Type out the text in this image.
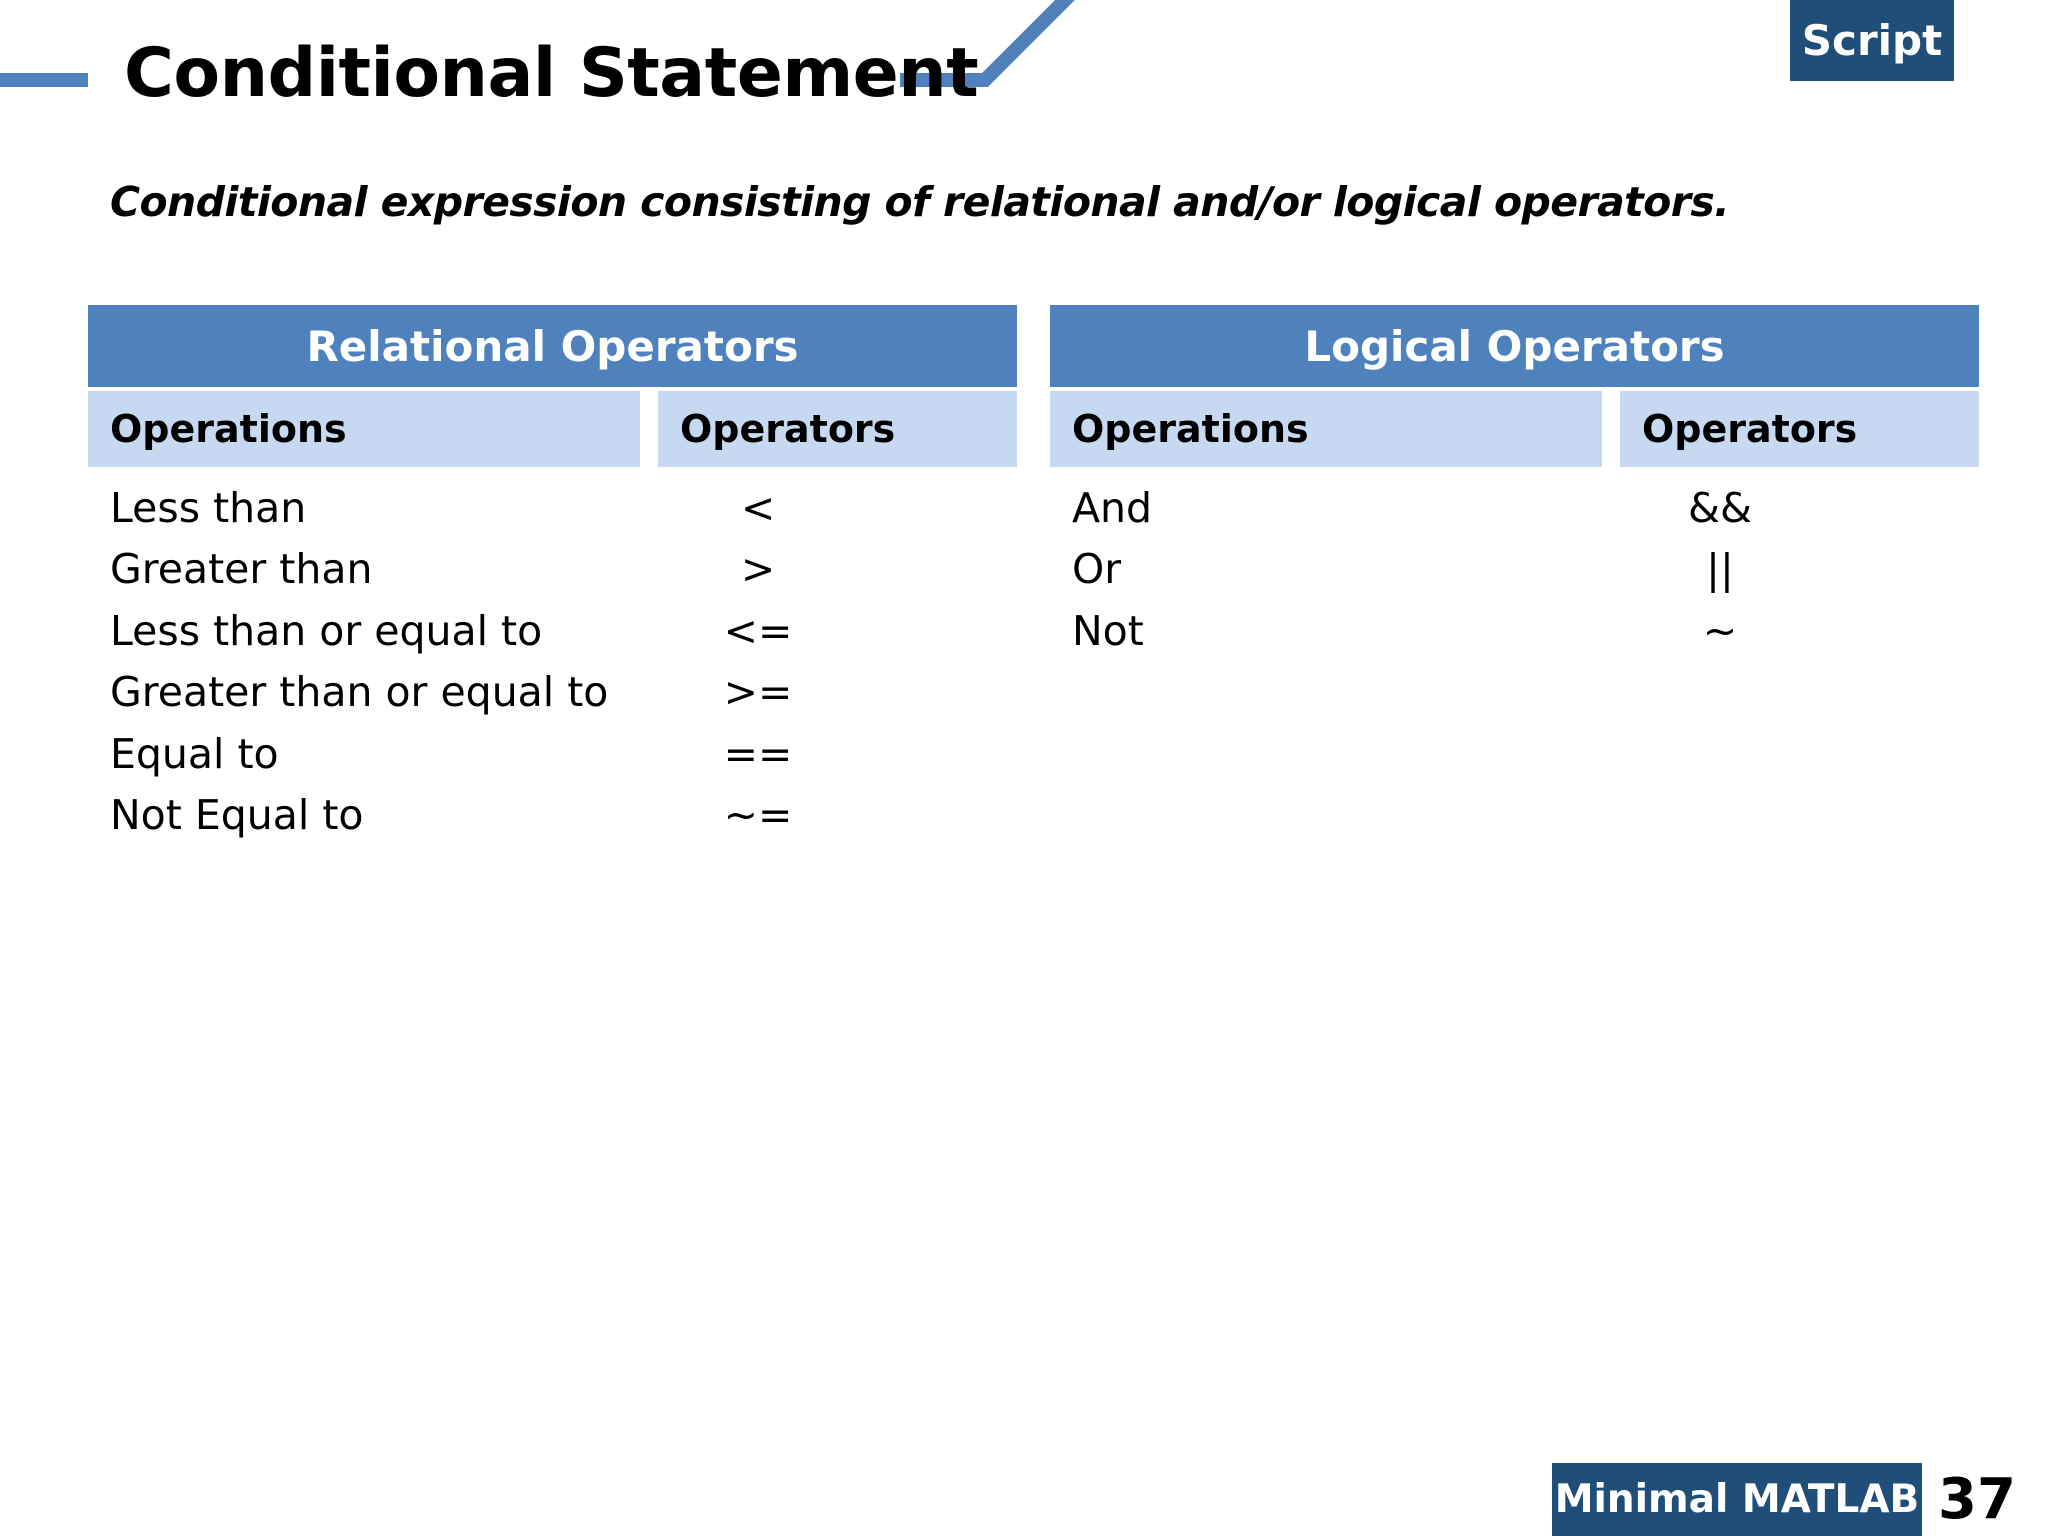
Conditional Statement	Script
Conditional expression consisting of relational and/or logical operators.
Relational Operators
Operations	Operators
Less than	<
Greater than	>
Less than or equal to	<=
Greater than or equal to	>=
Equal to	==
Not Equal to	~=
Logical Operators
Operations	Operators
And	&&
Or	||
Not	~
Minimal MATLAB 37
